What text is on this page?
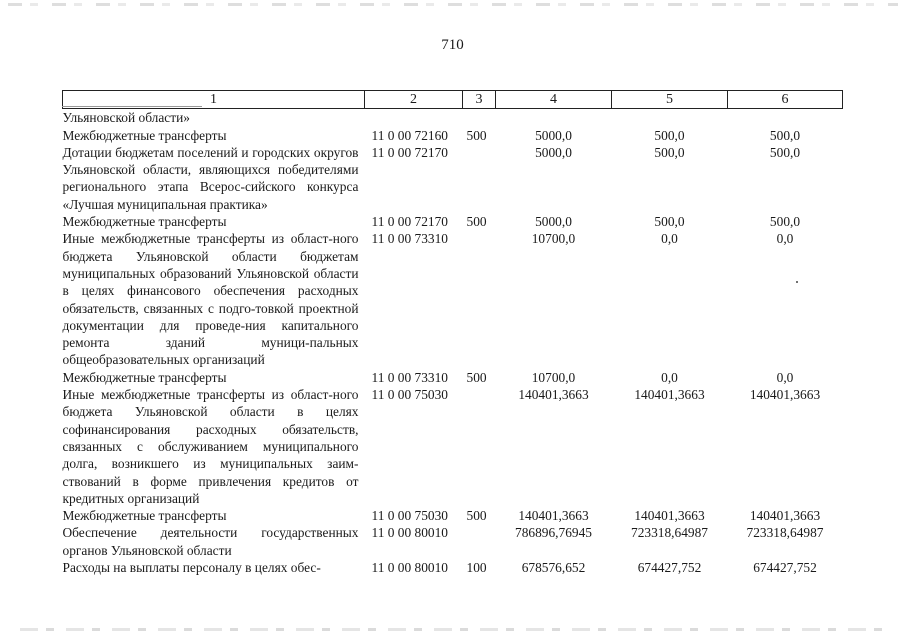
710
1	2	3	4	5	6
Ульяновской области»					
Межбюджетные трансферты	11 0 00 72160	500	5000,0	500,0	500,0
Дотации бюджетам поселений и городских округов Ульяновской области, являющихся победителями регионального этапа Всерос-сийского конкурса «Лучшая муниципальная практика»	11 0 00 72170		5000,0	500,0	500,0
Межбюджетные трансферты	11 0 00 72170	500	5000,0	500,0	500,0
Иные межбюджетные трансферты из област-ного бюджета Ульяновской области бюджетам муниципальных образований Ульяновской области в целях финансового обеспечения расходных обязательств, связанных с подго-товкой проектной документации для проведе-ния капитального ремонта зданий муници-пальных общеобразовательных организаций	11 0 00 73310		10700,0	0,0	0,0
Межбюджетные трансферты	11 0 00 73310	500	10700,0	0,0	0,0
Иные межбюджетные трансферты из област-ного бюджета Ульяновской области в целях софинансирования расходных обязательств, связанных с обслуживанием муниципального долга, возникшего из муниципальных заим-ствований в форме привлечения кредитов от кредитных организаций	11 0 00 75030		140401,3663	140401,3663	140401,3663
Межбюджетные трансферты	11 0 00 75030	500	140401,3663	140401,3663	140401,3663
Обеспечение деятельности государственных органов Ульяновской области	11 0 00 80010		786896,76945	723318,64987	723318,64987
Расходы на выплаты персоналу в целях обес-	11 0 00 80010	100	678576,652	674427,752	674427,752
